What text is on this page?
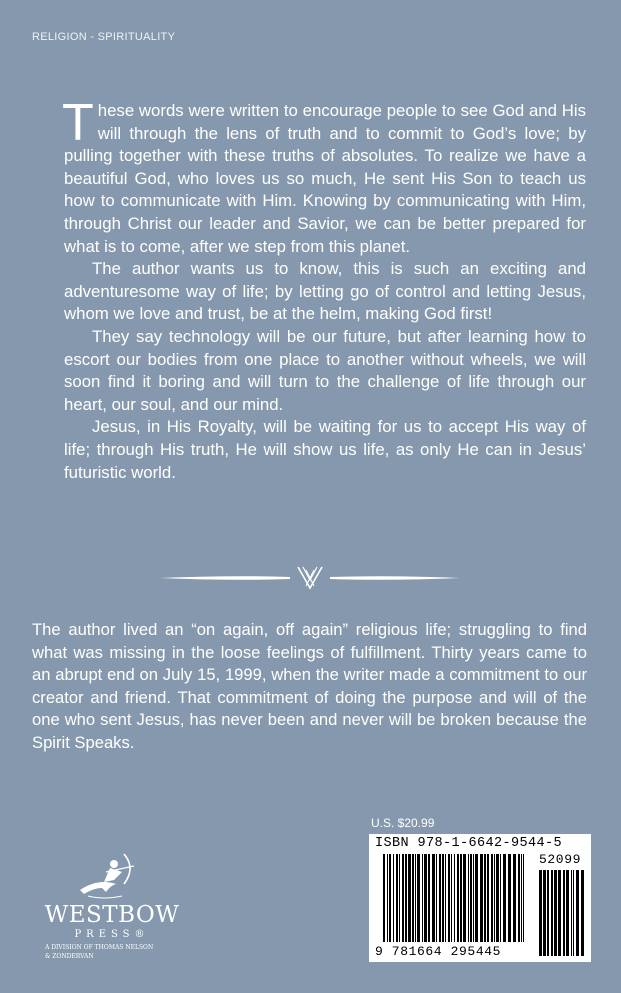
RELIGION - SPIRITUALITY

These words were written to encourage people to see God and His will through the lens of truth and to commit to God’s love; by pulling together with these truths of absolutes. To realize we have a beautiful God, who loves us so much, He sent His Son to teach us how to communicate with Him. Knowing by communicating with Him, through Christ our leader and Savior, we can be better prepared for what is to come, after we step from this planet.

The author wants us to know, this is such an exciting and adventuresome way of life; by letting go of control and letting Jesus, whom we love and trust, be at the helm, making God first!

They say technology will be our future, but after learning how to escort our bodies from one place to another without wheels, we will soon find it boring and will turn to the challenge of life through our heart, our soul, and our mind.

Jesus, in His Royalty, will be waiting for us to accept His way of life; through His truth, He will show us life, as only He can in Jesus’ futuristic world.

The author lived an “on again, off again” religious life; struggling to find what was missing in the loose feelings of fulfillment. Thirty years came to an abrupt end on July 15, 1999, when the writer made a commitment to our creator and friend. That commitment of doing the purpose and will of the one who sent Jesus, has never been and never will be broken because the Spirit Speaks.

U.S. $20.99
ISBN 978-1-6642-9544-5
52099
9 781664 295445
WESTBOW
PRESS®
A DIVISION OF THOMAS NELSON
& ZONDERVAN
